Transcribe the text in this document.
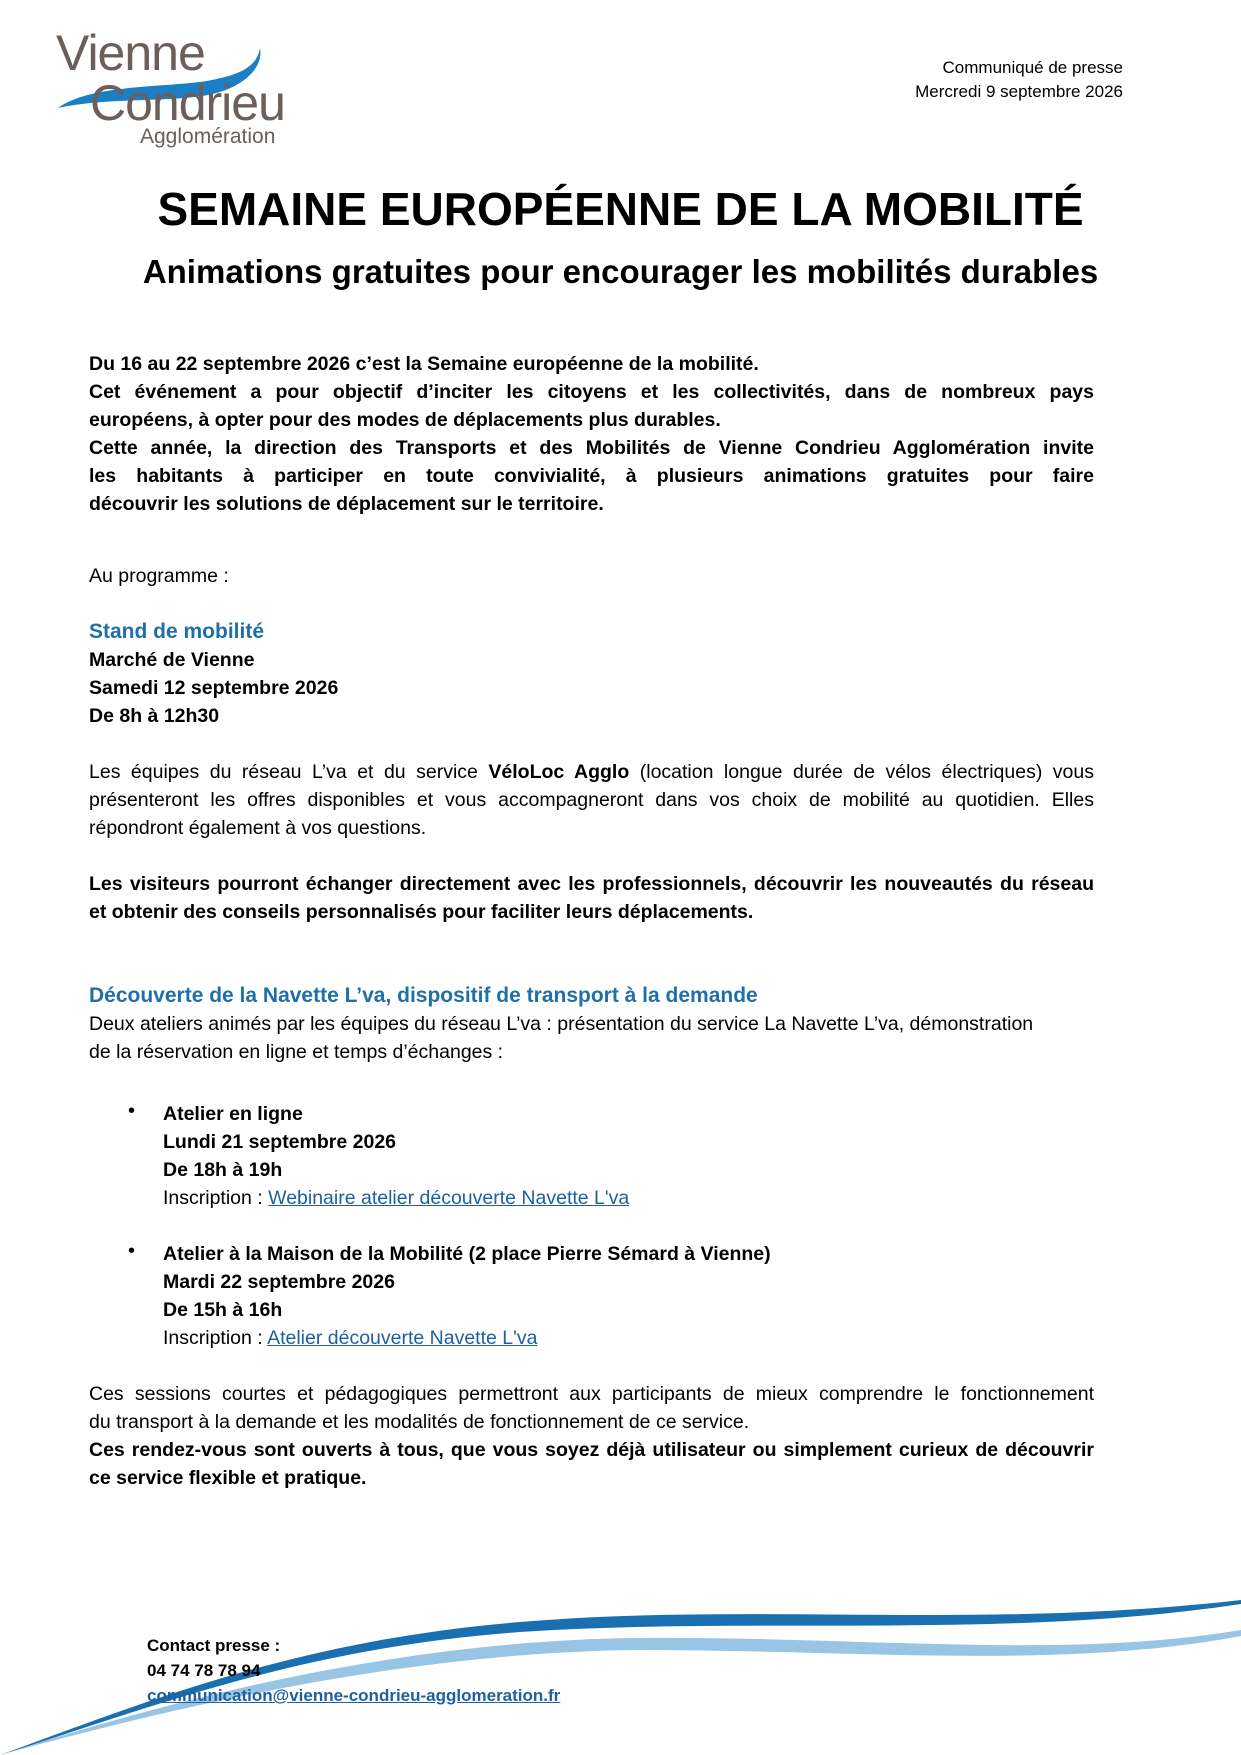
Vienne
Condrieu
Agglomération
Communiqué de presse
Mercredi 9 septembre 2026
SEMAINE EUROPÉENNE DE LA MOBILITÉ
Animations gratuites pour encourager les mobilités durables
Du 16 au 22 septembre 2026 c’est la Semaine européenne de la mobilité.
Cet événement a pour objectif d’inciter les citoyens et les collectivités, dans de nombreux pays
européens, à opter pour des modes de déplacements plus durables.
Cette année, la direction des Transports et des Mobilités de Vienne Condrieu Agglomération invite
les habitants à participer en toute convivialité, à plusieurs animations gratuites pour faire
découvrir les solutions de déplacement sur le territoire.
Au programme :
Stand de mobilité
Marché de Vienne
Samedi 12 septembre 2026
De 8h à 12h30
Les équipes du réseau L’va et du service VéloLoc Agglo (location longue durée de vélos électriques) vous
présenteront les offres disponibles et vous accompagneront dans vos choix de mobilité au quotidien. Elles
répondront également à vos questions.
Les visiteurs pourront échanger directement avec les professionnels, découvrir les nouveautés du réseau
et obtenir des conseils personnalisés pour faciliter leurs déplacements.
Découverte de la Navette L’va, dispositif de transport à la demande
Deux ateliers animés par les équipes du réseau L’va : présentation du service La Navette L’va, démonstration
de la réservation en ligne et temps d’échanges :
• Atelier en ligne
Lundi 21 septembre 2026
De 18h à 19h
Inscription : Webinaire atelier découverte Navette L'va
• Atelier à la Maison de la Mobilité (2 place Pierre Sémard à Vienne)
Mardi 22 septembre 2026
De 15h à 16h
Inscription : Atelier découverte Navette L'va
Ces sessions courtes et pédagogiques permettront aux participants de mieux comprendre le fonctionnement
du transport à la demande et les modalités de fonctionnement de ce service.
Ces rendez-vous sont ouverts à tous, que vous soyez déjà utilisateur ou simplement curieux de découvrir
ce service flexible et pratique.
Contact presse :
04 74 78 78 94
communication@vienne-condrieu-agglomeration.fr
